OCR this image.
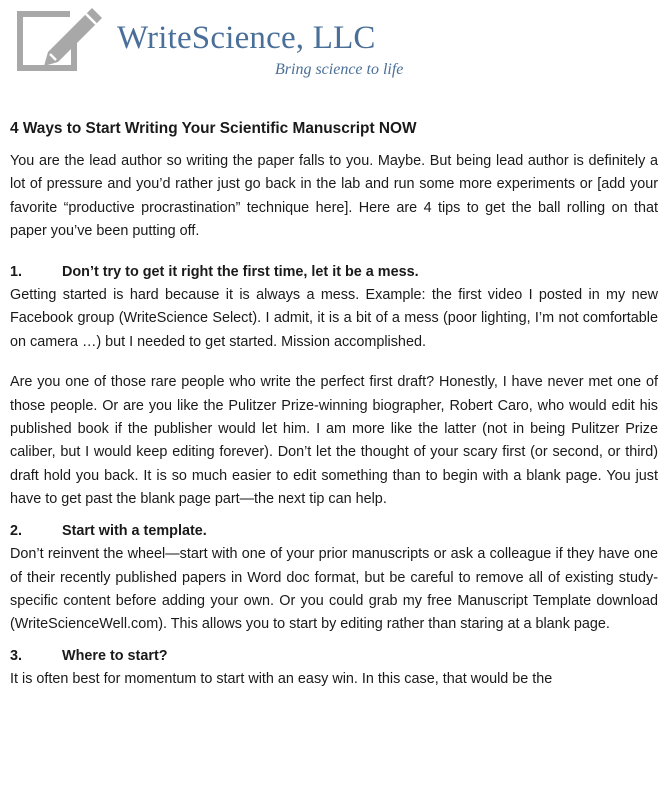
WriteScience, LLC
Bring science to life
4 Ways to Start Writing Your Scientific Manuscript NOW

You are the lead author so writing the paper falls to you. Maybe. But being lead author is definitely a lot of pressure and you’d rather just go back in the lab and run some more experiments or [add your favorite “productive procrastination” technique here]. Here are 4 tips to get the ball rolling on that paper you’ve been putting off.

1.	Don’t try to get it right the first time, let it be a mess.

Getting started is hard because it is always a mess. Example: the first video I posted in my new Facebook group (WriteScience Select). I admit, it is a bit of a mess (poor lighting, I’m not comfortable on camera …) but I needed to get started. Mission accomplished.

Are you one of those rare people who write the perfect first draft? Honestly, I have never met one of those people. Or are you like the Pulitzer Prize-winning biographer, Robert Caro, who would edit his published book if the publisher would let him. I am more like the latter (not in being Pulitzer Prize caliber, but I would keep editing forever). Don’t let the thought of your scary first (or second, or third) draft hold you back. It is so much easier to edit something than to begin with a blank page. You just have to get past the blank page part—the next tip can help.

2.	Start with a template.

Don’t reinvent the wheel—start with one of your prior manuscripts or ask a colleague if they have one of their recently published papers in Word doc format, but be careful to remove all of existing study-specific content before adding your own. Or you could grab my free Manuscript Template download (WriteScienceWell.com). This allows you to start by editing rather than staring at a blank page.

3.	Where to start?

It is often best for momentum to start with an easy win. In this case, that would be the
